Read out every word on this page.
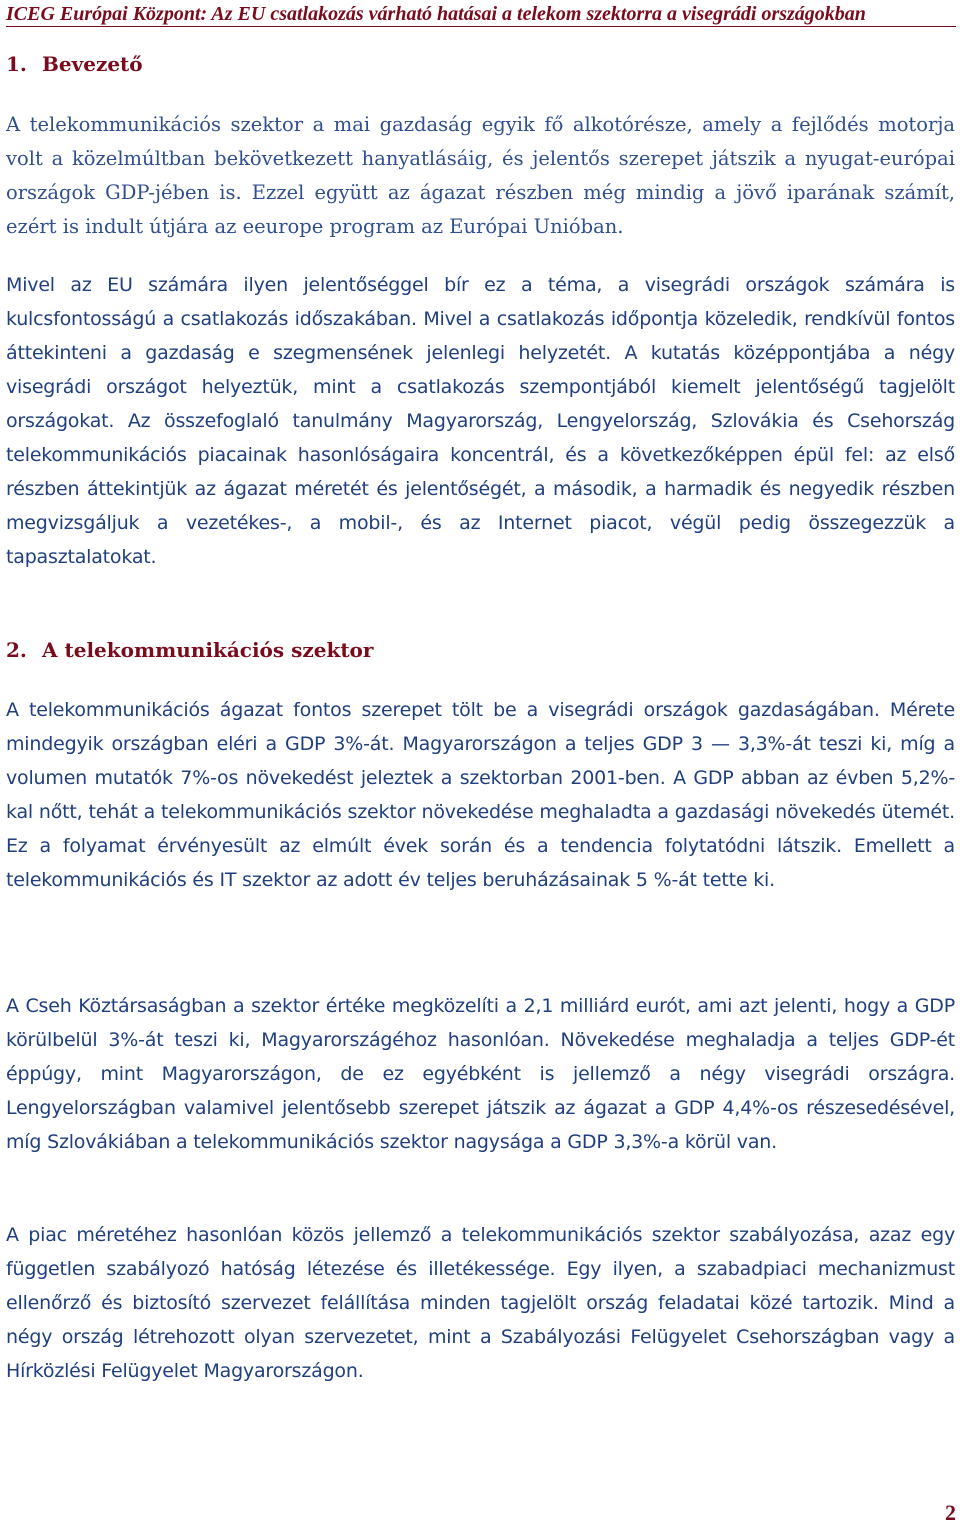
ICEG Európai Központ: Az EU csatlakozás várható hatásai a telekom szektorra a visegrádi országokban
1. Bevezető

A telekommunikációs szektor a mai gazdaság egyik fő alkotórésze, amely a fejlődés motorja volt a közelmúltban bekövetkezett hanyatlásáig, és jelentős szerepet játszik a nyugat-európai országok GDP-jében is. Ezzel együtt az ágazat részben még mindig a jövő iparának számít, ezért is indult útjára az eeurope program az Európai Unióban.

Mivel az EU számára ilyen jelentőséggel bír ez a téma, a visegrádi országok számára is kulcsfontosságú a csatlakozás időszakában. Mivel a csatlakozás időpontja közeledik, rendkívül fontos áttekinteni a gazdaság e szegmensének jelenlegi helyzetét. A kutatás középpontjába a négy visegrádi országot helyeztük, mint a csatlakozás szempontjából kiemelt jelentőségű tagjelölt országokat. Az összefoglaló tanulmány Magyarország, Lengyelország, Szlovákia és Csehország telekommunikációs piacainak hasonlóságaira koncentrál, és a következőképpen épül fel: az első részben áttekintjük az ágazat méretét és jelentőségét, a második, a harmadik és negyedik részben megvizsgáljuk a vezetékes-, a mobil-, és az Internet piacot, végül pedig összegezzük a tapasztalatokat.

2. A telekommunikációs szektor

A telekommunikációs ágazat fontos szerepet tölt be a visegrádi országok gazdaságában. Mérete mindegyik országban eléri a GDP 3%-át. Magyarországon a teljes GDP 3 — 3,3%-át teszi ki, míg a volumen mutatók 7%-os növekedést jeleztek a szektorban 2001-ben. A GDP abban az évben 5,2%-kal nőtt, tehát a telekommunikációs szektor növekedése meghaladta a gazdasági növekedés ütemét. Ez a folyamat érvényesült az elmúlt évek során és a tendencia folytatódni látszik. Emellett a telekommunikációs és IT szektor az adott év teljes beruházásainak 5 %-át tette ki.

A Cseh Köztársaságban a szektor értéke megközelíti a 2,1 milliárd eurót, ami azt jelenti, hogy a GDP körülbelül 3%-át teszi ki, Magyarországéhoz hasonlóan. Növekedése meghaladja a teljes GDP-ét éppúgy, mint Magyarországon, de ez egyébként is jellemző a négy visegrádi országra. Lengyelországban valamivel jelentősebb szerepet játszik az ágazat a GDP 4,4%-os részesedésével, míg Szlovákiában a telekommunikációs szektor nagysága a GDP 3,3%-a körül van.

A piac méretéhez hasonlóan közös jellemző a telekommunikációs szektor szabályozása, azaz egy független szabályozó hatóság létezése és illetékessége. Egy ilyen, a szabadpiaci mechanizmust ellenőrző és biztosító szervezet felállítása minden tagjelölt ország feladatai közé tartozik. Mind a négy ország létrehozott olyan szervezetet, mint a Szabályozási Felügyelet Csehországban vagy a Hírközlési Felügyelet Magyarországon.

2
